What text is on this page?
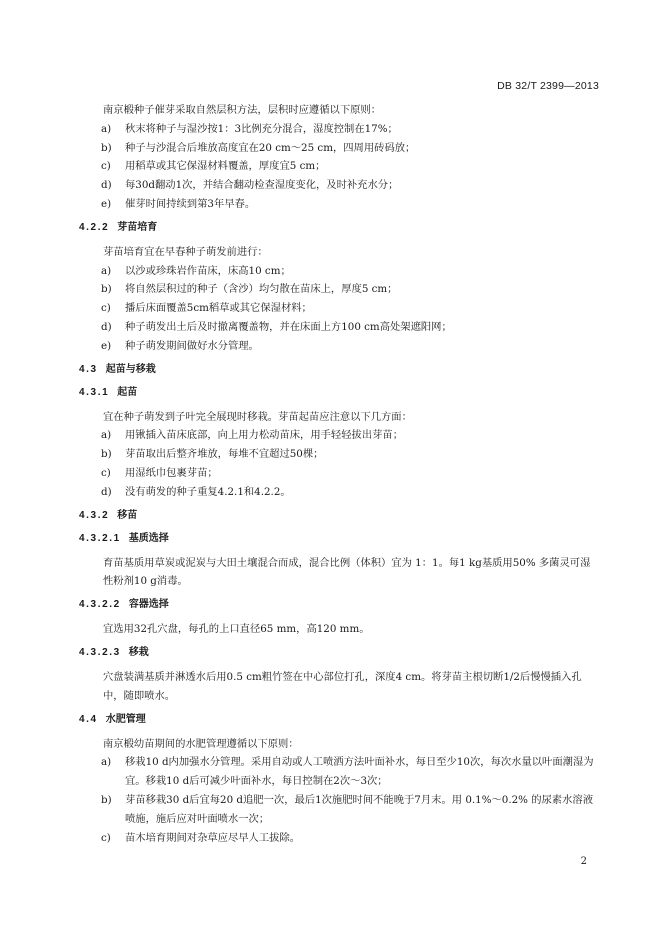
DB 32/T 2399—2013

南京椴种子催芽采取自然层积方法，层积时应遵循以下原则：

a)	秋末将种子与湿沙按1：3比例充分混合，湿度控制在17%；

b)	种子与沙混合后堆放高度宜在20 cm～25 cm，四周用砖码放；

c)	用稻草或其它保湿材料覆盖，厚度宜5 cm；

d)	每30d翻动1次，并结合翻动检查湿度变化，及时补充水分；

e)	催芽时间持续到第3年早春。

4.2.2 芽苗培育

芽苗培育宜在早春种子萌发前进行：

a)	以沙或珍珠岩作苗床，床高10 cm；

b)	将自然层积过的种子（含沙）均匀散在苗床上，厚度5 cm；

c)	播后床面覆盖5cm稻草或其它保湿材料；

d)	种子萌发出土后及时撤离覆盖物，并在床面上方100 cm高处架遮阳网；

e)	种子萌发期间做好水分管理。

4.3 起苗与移栽

4.3.1 起苗

宜在种子萌发到子叶完全展现时移栽。芽苗起苗应注意以下几方面：

a)	用锹插入苗床底部，向上用力松动苗床，用手轻轻拔出芽苗；

b)	芽苗取出后整齐堆放，每堆不宜超过50棵；

c)	用湿纸巾包裹芽苗；

d)	没有萌发的种子重复4.2.1和4.2.2。

4.3.2 移苗

4.3.2.1 基质选择

育苗基质用草炭或泥炭与大田土壤混合而成，混合比例（体积）宜为 1：1。每1 kg基质用50% 多菌灵可湿性粉剂10 g消毒。

4.3.2.2 容器选择

宜选用32孔穴盘，每孔的上口直径65 mm，高120 mm。

4.3.2.3 移栽

穴盘装满基质并淋透水后用0.5 cm粗竹签在中心部位打孔，深度4 cm。将芽苗主根切断1/2后慢慢插入孔中，随即喷水。

4.4 水肥管理

南京椴幼苗期间的水肥管理遵循以下原则：

a)	移栽10 d内加强水分管理。采用自动或人工喷洒方法叶面补水，每日至少10次，每次水量以叶面潮湿为宜。移栽10 d后可减少叶面补水，每日控制在2次～3次；

b)	芽苗移栽30 d后宜每20 d追肥一次，最后1次施肥时间不能晚于7月末。用 0.1%～0.2% 的尿素水溶液喷施，施后应对叶面喷水一次；

c)	苗木培育期间对杂草应尽早人工拔除。

2
